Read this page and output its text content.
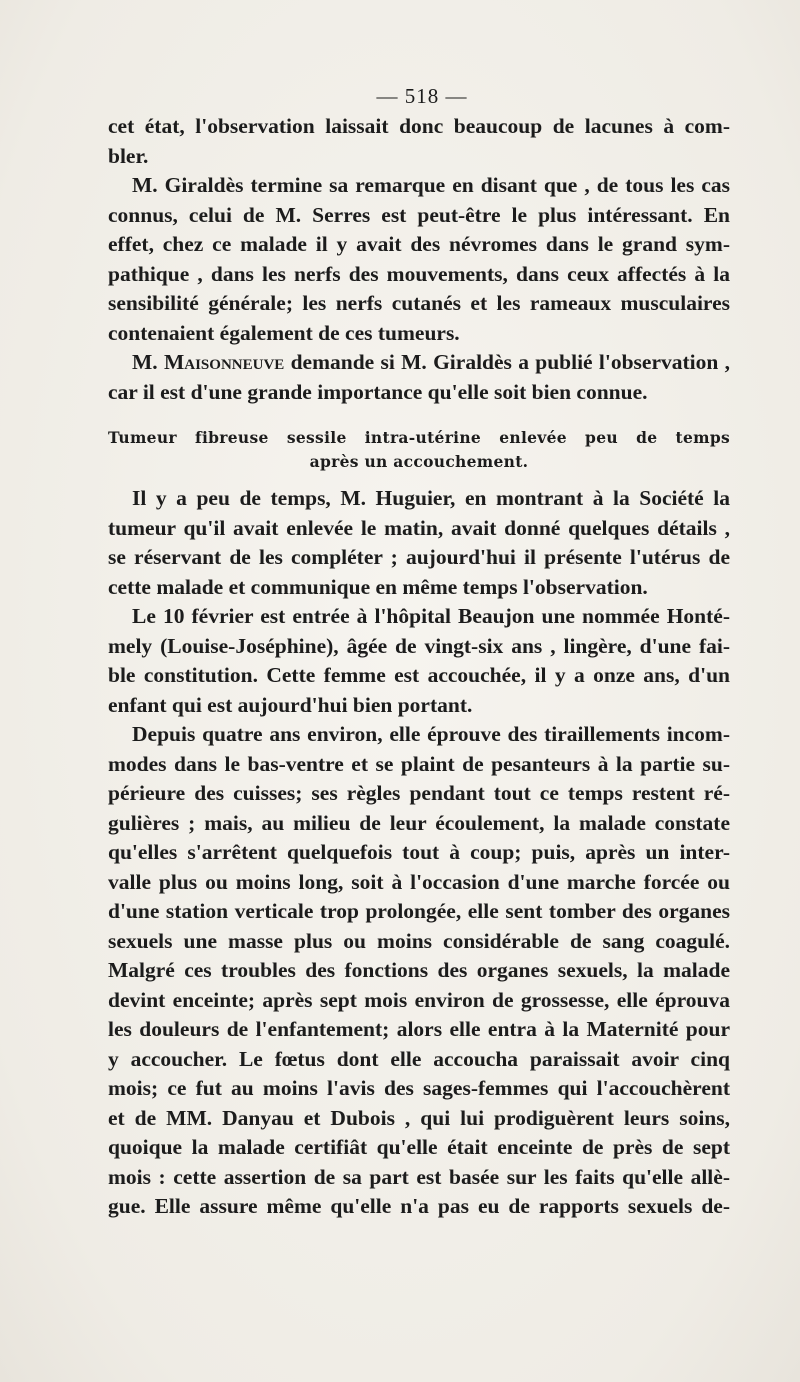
— 518 —
cet état, l'observation laissait donc beaucoup de lacunes à com-
bler.
M. Giraldès termine sa remarque en disant que , de tous les cas
connus, celui de M. Serres est peut-être le plus intéressant. En
effet, chez ce malade il y avait des névromes dans le grand sym-
pathique , dans les nerfs des mouvements, dans ceux affectés à la
sensibilité générale; les nerfs cutanés et les rameaux musculaires
contenaient également de ces tumeurs.
M. Maisonneuve demande si M. Giraldès a publié l'observation ,
car il est d'une grande importance qu'elle soit bien connue.
Tumeur fibreuse sessile intra-utérine enlevée peu de temps
après un accouchement.
Il y a peu de temps, M. Huguier, en montrant à la Société la
tumeur qu'il avait enlevée le matin, avait donné quelques détails ,
se réservant de les compléter ; aujourd'hui il présente l'utérus de
cette malade et communique en même temps l'observation.
Le 10 février est entrée à l'hôpital Beaujon une nommée Honté-
mely (Louise-Joséphine), âgée de vingt-six ans , lingère, d'une fai-
ble constitution. Cette femme est accouchée, il y a onze ans, d'un
enfant qui est aujourd'hui bien portant.
Depuis quatre ans environ, elle éprouve des tiraillements incom-
modes dans le bas-ventre et se plaint de pesanteurs à la partie su-
périeure des cuisses; ses règles pendant tout ce temps restent ré-
gulières ; mais, au milieu de leur écoulement, la malade constate
qu'elles s'arrêtent quelquefois tout à coup; puis, après un inter-
valle plus ou moins long, soit à l'occasion d'une marche forcée ou
d'une station verticale trop prolongée, elle sent tomber des organes
sexuels une masse plus ou moins considérable de sang coagulé.
Malgré ces troubles des fonctions des organes sexuels, la malade
devint enceinte; après sept mois environ de grossesse, elle éprouva
les douleurs de l'enfantement; alors elle entra à la Maternité pour
y accoucher. Le fœtus dont elle accoucha paraissait avoir cinq
mois; ce fut au moins l'avis des sages-femmes qui l'accouchèrent
et de MM. Danyau et Dubois , qui lui prodiguèrent leurs soins,
quoique la malade certifiât qu'elle était enceinte de près de sept
mois : cette assertion de sa part est basée sur les faits qu'elle allè-
gue. Elle assure même qu'elle n'a pas eu de rapports sexuels de-
